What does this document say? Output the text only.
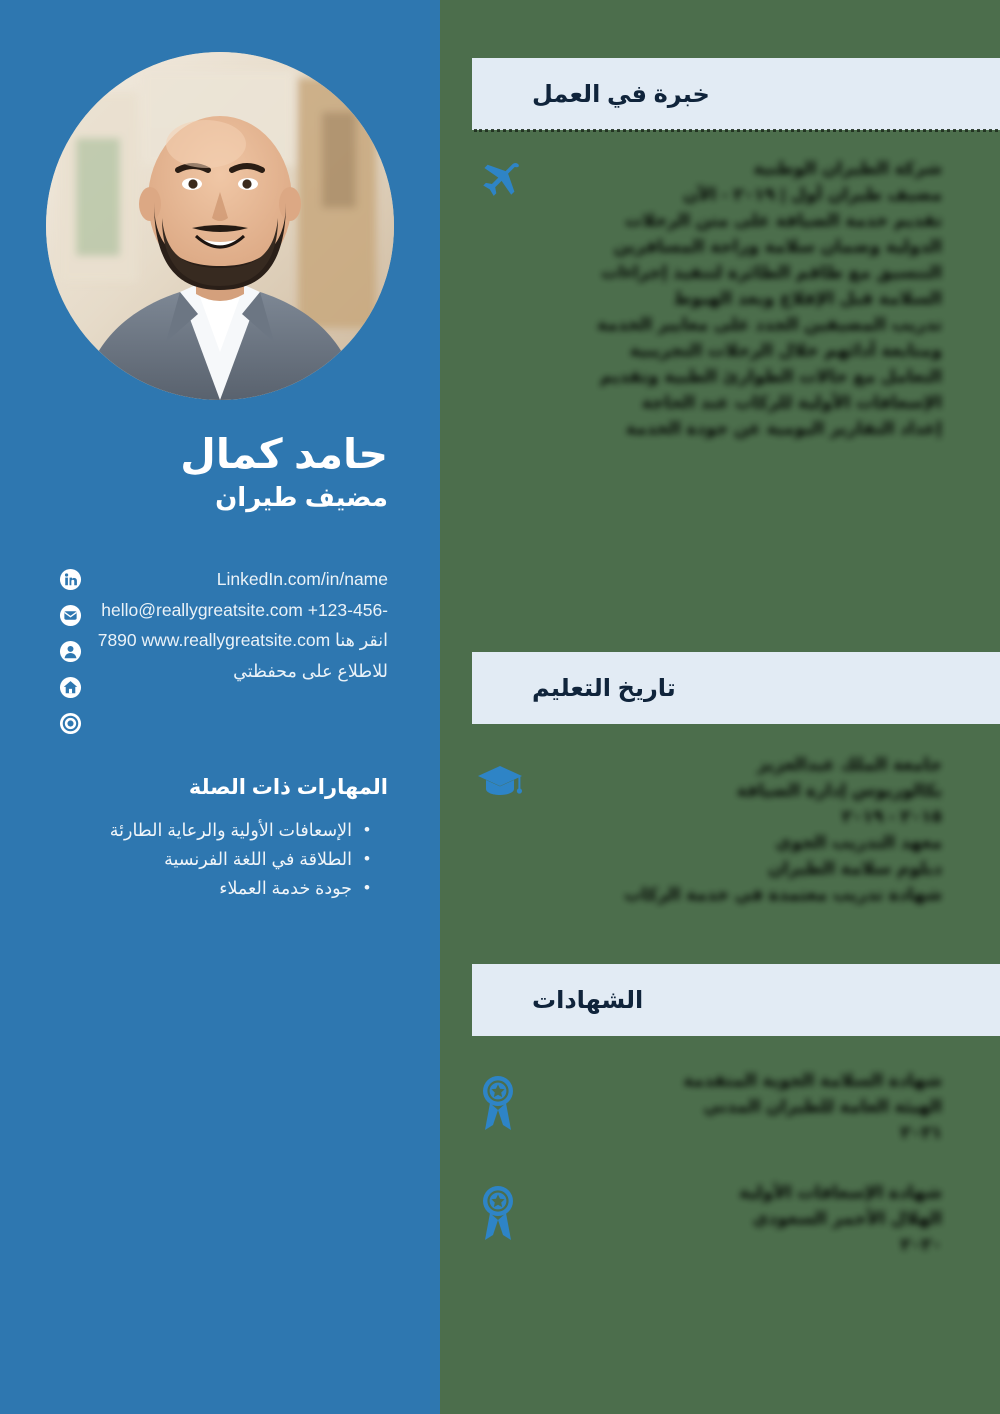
حامد كمال
مضيف طيران
LinkedIn.com/in/name
hello@reallygreatsite.com +123-456-
7890 www.reallygreatsite.com انقر هنا
للاطلاع على محفظتي
المهارات ذات الصلة
• الإسعافات الأولية والرعاية الطارئة
• الطلاقة في اللغة الفرنسية
• جودة خدمة العملاء
خبرة في العمل
شركة الطيران الوطنية
مضيف طيران أول | ٢٠١٩ - الآن
تقديم خدمة الضيافة على متن الرحلات
الدولية وضمان سلامة وراحة المسافرين
التنسيق مع طاقم الطائرة لتنفيذ إجراءات
السلامة قبل الإقلاع وبعد الهبوط
تدريب المضيفين الجدد على معايير الخدمة
ومتابعة أدائهم خلال الرحلات التجريبية
التعامل مع حالات الطوارئ الطبية وتقديم
الإسعافات الأولية للركاب عند الحاجة
إعداد التقارير اليومية عن جودة الخدمة
تاريخ التعليم
جامعة الملك عبدالعزيز
بكالوريوس إدارة الضيافة
٢٠١٥ - ٢٠١٩
معهد التدريب الجوي
دبلوم سلامة الطيران
شهادة تدريب معتمدة في خدمة الركاب
الشهادات
شهادة السلامة الجوية المتقدمة
الهيئة العامة للطيران المدني
٢٠٢١
شهادة الإسعافات الأولية
الهلال الأحمر السعودي
٢٠٢٠
